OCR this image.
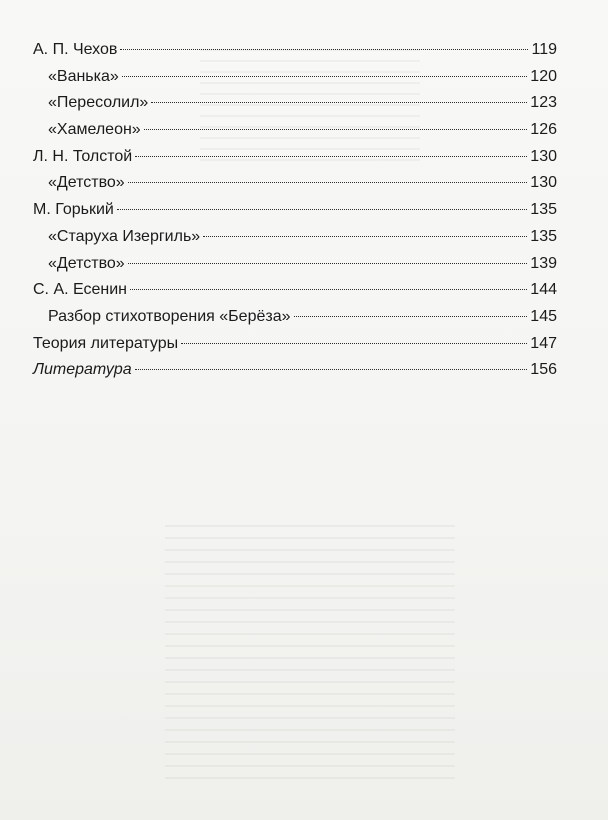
А. П. Чехов	119
«Ванька»	120
«Пересолил»	123
«Хамелеон»	126
Л. Н. Толстой	130
«Детство»	130
М. Горький	135
«Старуха Изергиль»	135
«Детство»	139
С. А. Есенин	144
Разбор стихотворения «Берёза»	145
Теория литературы	147
Литература	156
